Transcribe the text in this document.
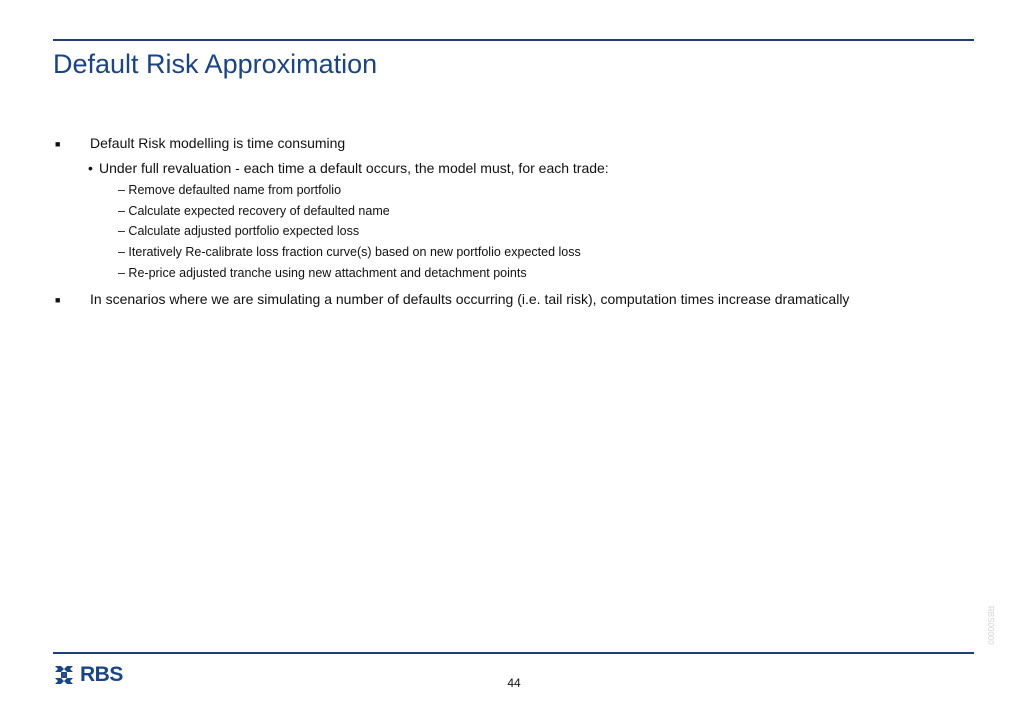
Default Risk Approximation
■ Default Risk modelling is time consuming
• Under full revaluation - each time a default occurs, the model must, for each trade:
– Remove defaulted name from portfolio
– Calculate expected recovery of defaulted name
– Calculate adjusted portfolio expected loss
– Iteratively Re-calibrate loss fraction curve(s) based on new portfolio expected loss
– Re-price adjusted tranche using new attachment and detachment points
■ In scenarios where we are simulating a number of defaults occurring (i.e. tail risk), computation times increase dramatically
RBS00000
RBS	44
